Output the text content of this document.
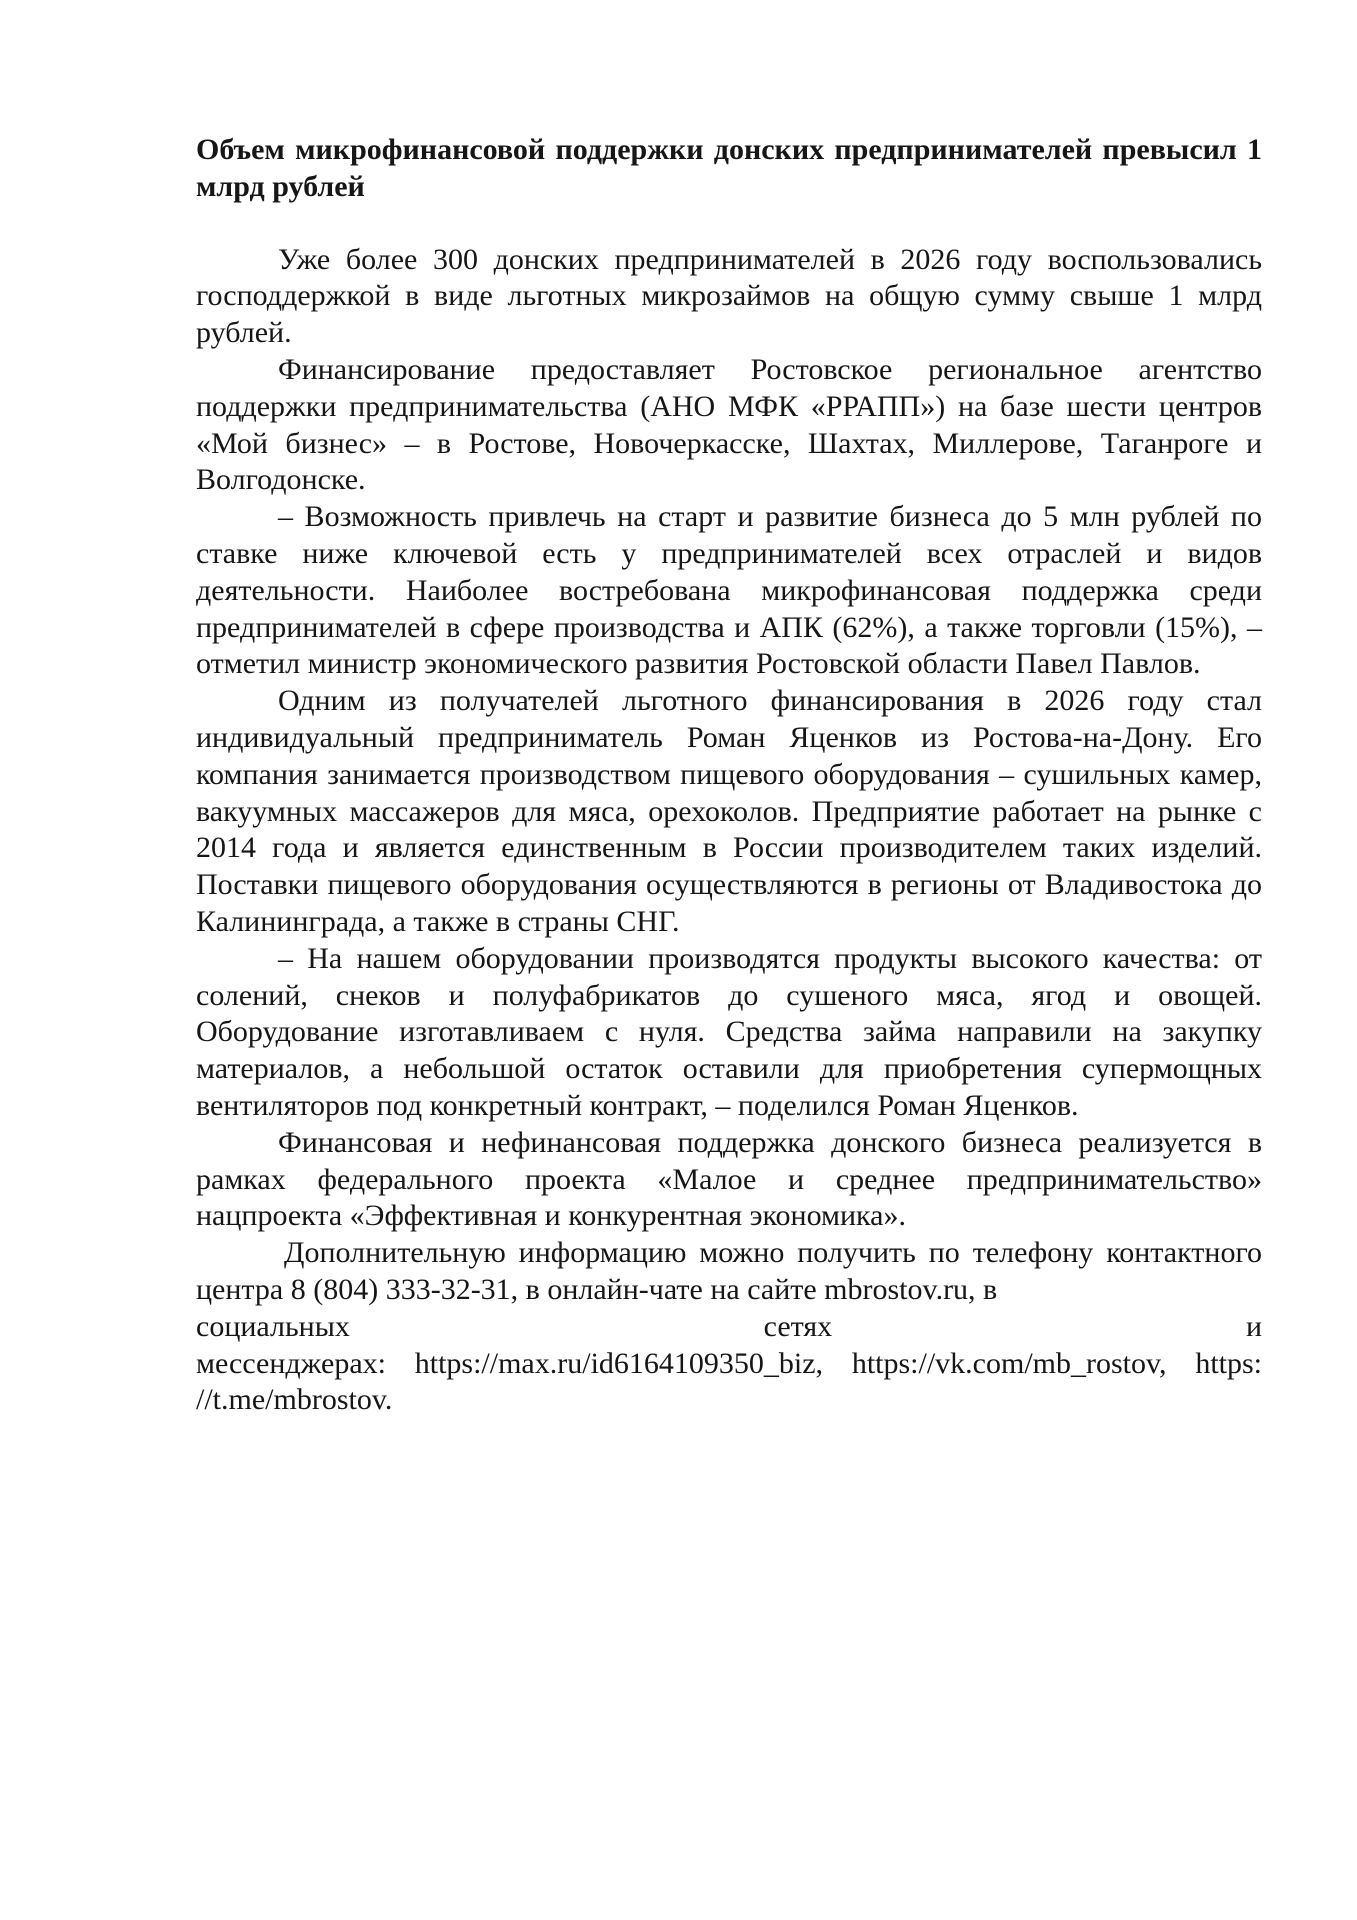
Объем микрофинансовой поддержки донских предпринимателей превысил 1 млрд рублей

Уже более 300 донских предпринимателей в 2026 году воспользовались господдержкой в виде льготных микрозаймов на общую сумму свыше 1 млрд рублей.

Финансирование предоставляет Ростовское региональное агентство поддержки предпринимательства (АНО МФК «РРАПП») на базе шести центров «Мой бизнес» – в Ростове, Новочеркасске, Шахтах, Миллерове, Таганроге и Волгодонске.

– Возможность привлечь на старт и развитие бизнеса до 5 млн рублей по ставке ниже ключевой есть у предпринимателей всех отраслей и видов деятельности. Наиболее востребована микрофинансовая поддержка среди предпринимателей в сфере производства и АПК (62%), а также торговли (15%), – отметил министр экономического развития Ростовской области Павел Павлов.

Одним из получателей льготного финансирования в 2026 году стал индивидуальный предприниматель Роман Яценков из Ростова-на-Дону. Его компания занимается производством пищевого оборудования – сушильных камер, вакуумных массажеров для мяса, орехоколов. Предприятие работает на рынке с 2014 года и является единственным в России производителем таких изделий. Поставки пищевого оборудования осуществляются в регионы от Владивостока до Калининграда, а также в страны СНГ.

– На нашем оборудовании производятся продукты высокого качества: от солений, снеков и полуфабрикатов до сушеного мяса, ягод и овощей. Оборудование изготавливаем с нуля. Средства займа направили на закупку материалов, а небольшой остаток оставили для приобретения супермощных вентиляторов под конкретный контракт, – поделился Роман Яценков.

Финансовая и нефинансовая поддержка донского бизнеса реализуется в рамках федерального проекта «Малое и среднее предпринимательство» нацпроекта «Эффективная и конкурентная экономика».

Дополнительную информацию можно получить по телефону контактного центра 8 (804) 333-32-31, в онлайн-чате на сайте mbrostov.ru, в
социальных сетях и
мессенджерах: https://max.ru/id6164109350_biz, https://vk.com/mb_rostov, https: //t.me/mbrostov.
